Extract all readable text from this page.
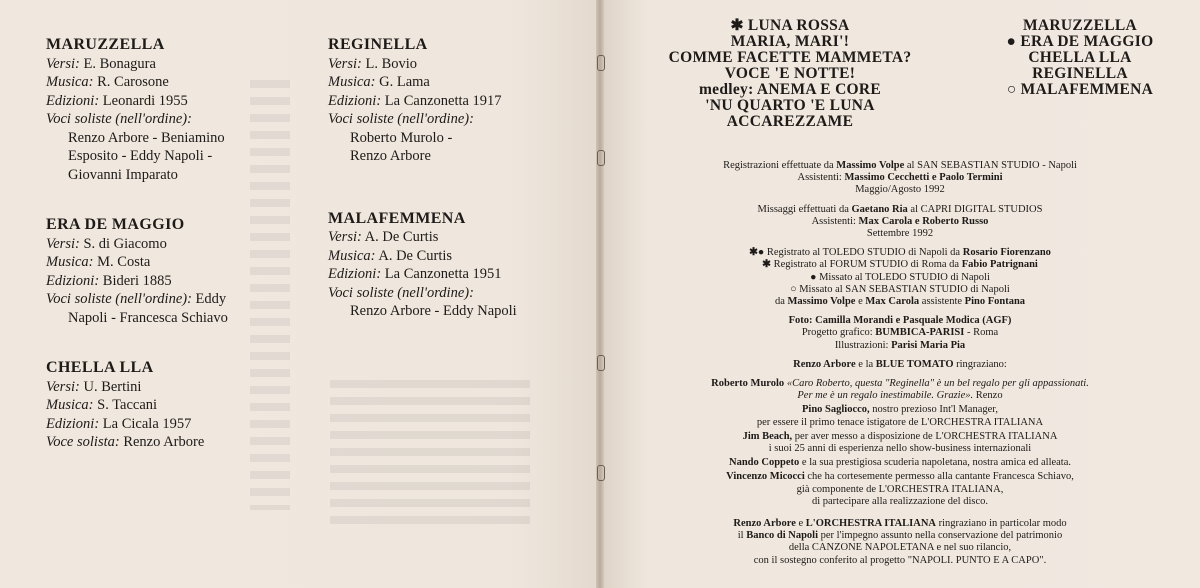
MARUZZELLA
Versi: E. Bonagura
Musica: R. Carosone
Edizioni: Leonardi 1955
Voci soliste (nell'ordine):
Renzo Arbore - Beniamino
Esposito - Eddy Napoli -
Giovanni Imparato
ERA DE MAGGIO
Versi: S. di Giacomo
Musica: M. Costa
Edizioni: Bideri 1885
Voci soliste (nell'ordine): Eddy
Napoli - Francesca Schiavo
CHELLA LLA
Versi: U. Bertini
Musica: S. Taccani
Edizioni: La Cicala 1957
Voce solista: Renzo Arbore
REGINELLA
Versi: L. Bovio
Musica: G. Lama
Edizioni: La Canzonetta 1917
Voci soliste (nell'ordine):
Roberto Murolo -
Renzo Arbore
MALAFEMMENA
Versi: A. De Curtis
Musica: A. De Curtis
Edizioni: La Canzonetta 1951
Voci soliste (nell'ordine):
Renzo Arbore - Eddy Napoli
✱ LUNA ROSSA
MARIA, MARI'!
COMME FACETTE MAMMETA?
VOCE 'E NOTTE!
medley: ANEMA E CORE
'NU QUARTO 'E LUNA
ACCAREZZAME
MARUZZELLA
● ERA DE MAGGIO
CHELLA LLA
REGINELLA
○ MALAFEMMENA

Registrazioni effettuate da Massimo Volpe al SAN SEBASTIAN STUDIO - Napoli
Assistenti: Massimo Cecchetti e Paolo Termini
Maggio/Agosto 1992

Missaggi effettuati da Gaetano Ria al CAPRI DIGITAL STUDIOS
Assistenti: Max Carola e Roberto Russo
Settembre 1992

✱● Registrato al TOLEDO STUDIO di Napoli da Rosario Fiorenzano
✱ Registrato al FORUM STUDIO di Roma da Fabio Patrignani
● Missato al TOLEDO STUDIO di Napoli
○ Missato al SAN SEBASTIAN STUDIO di Napoli
da Massimo Volpe e Max Carola assistente Pino Fontana

Foto: Camilla Morandi e Pasquale Modica (AGF)
Progetto grafico: BUMBICA-PARISI - Roma
Illustrazioni: Parisi Maria Pia

Renzo Arbore e la BLUE TOMATO ringraziano:

Roberto Murolo «Caro Roberto, questa "Reginella" è un bel regalo per gli appassionati.
Per me è un regalo inestimabile. Grazie». Renzo

Pino Sagliocco, nostro prezioso Int'l Manager,
per essere il primo tenace istigatore de L'ORCHESTRA ITALIANA

Jim Beach, per aver messo a disposizione de L'ORCHESTRA ITALIANA
i suoi 25 anni di esperienza nello show-business internazionali

Nando Coppeto e la sua prestigiosa scuderia napoletana, nostra amica ed alleata.

Vincenzo Micocci che ha cortesemente permesso alla cantante Francesca Schiavo,
già componente de L'ORCHESTRA ITALIANA,
di partecipare alla realizzazione del disco.

Renzo Arbore e L'ORCHESTRA ITALIANA ringraziano in particolar modo
il Banco di Napoli per l'impegno assunto nella conservazione del patrimonio
della CANZONE NAPOLETANA e nel suo rilancio,
con il sostegno conferito al progetto "NAPOLI. PUNTO E A CAPO".
